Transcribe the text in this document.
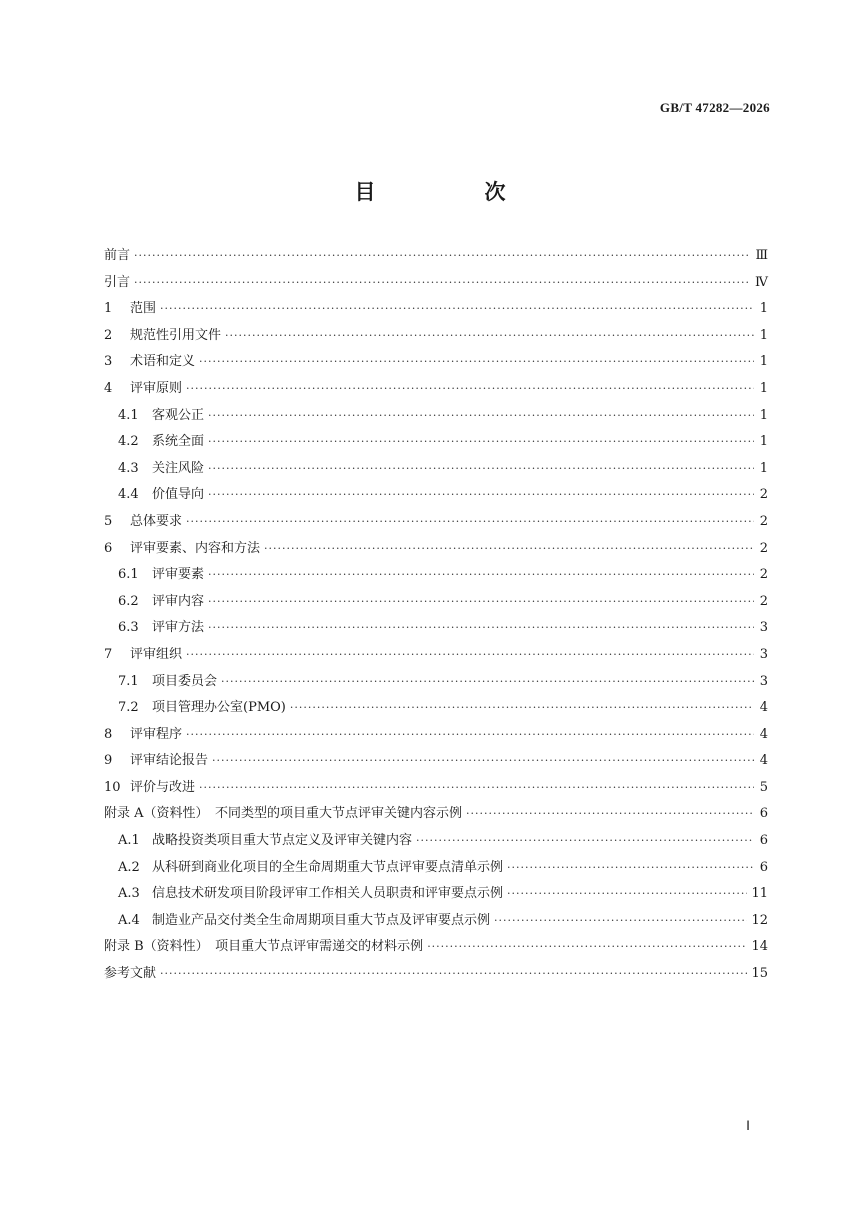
GB/T 47282—2026
目　次
前言 ·····	Ⅲ
引言 ·····	Ⅳ
1	范围 ·····	1
2	规范性引用文件 ·····	1
3	术语和定义 ·····	1
4	评审原则 ·····	1
4.1	客观公正 ·····	1
4.2	系统全面 ·····	1
4.3	关注风险 ·····	1
4.4	价值导向 ·····	2
5	总体要求 ·····	2
6	评审要素、内容和方法 ·····	2
6.1	评审要素 ·····	2
6.2	评审内容 ·····	2
6.3	评审方法 ·····	3
7	评审组织 ·····	3
7.1	项目委员会 ·····	3
7.2	项目管理办公室(PMO) ·····	4
8	评审程序 ·····	4
9	评审结论报告 ·····	4
10 评价与改进 ·····	5
附录 A（资料性）　不同类型的项目重大节点评审关键内容示例 ·····	6
A.1 战略投资类项目重大节点定义及评审关键内容 ·····	6
A.2 从科研到商业化项目的全生命周期重大节点评审要点清单示例 ·····	6
A.3 信息技术研发项目阶段评审工作相关人员职责和评审要点示例 ·····	11
A.4 制造业产品交付类全生命周期项目重大节点及评审要点示例 ·····	12
附录 B（资料性）　项目重大节点评审需递交的材料示例 ·····	14
参考文献 ·····	15
Ⅰ
